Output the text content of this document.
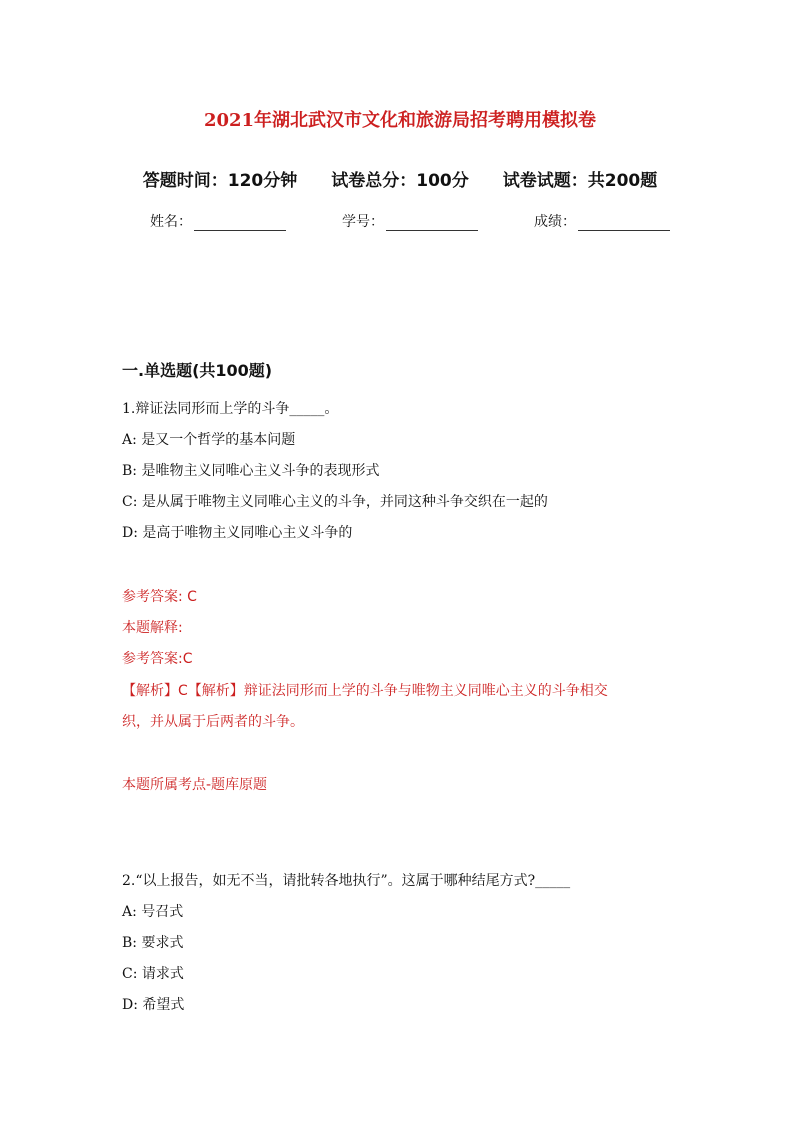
2021年湖北武汉市文化和旅游局招考聘用模拟卷
答题时间：120分钟 试卷总分：100分 试卷试题：共200题
姓名：	学号：	成绩：
一.单选题(共100题)
1.辩证法同形而上学的斗争_____。
A: 是又一个哲学的基本问题
B: 是唯物主义同唯心主义斗争的表现形式
C: 是从属于唯物主义同唯心主义的斗争，并同这种斗争交织在一起的
D: 是高于唯物主义同唯心主义斗争的
参考答案: C
本题解释:
参考答案:C
【解析】C【解析】辩证法同形而上学的斗争与唯物主义同唯心主义的斗争相交
织，并从属于后两者的斗争。
本题所属考点-题库原题
2.“以上报告，如无不当，请批转各地执行”。这属于哪种结尾方式?_____
A: 号召式
B: 要求式
C: 请求式
D: 希望式
